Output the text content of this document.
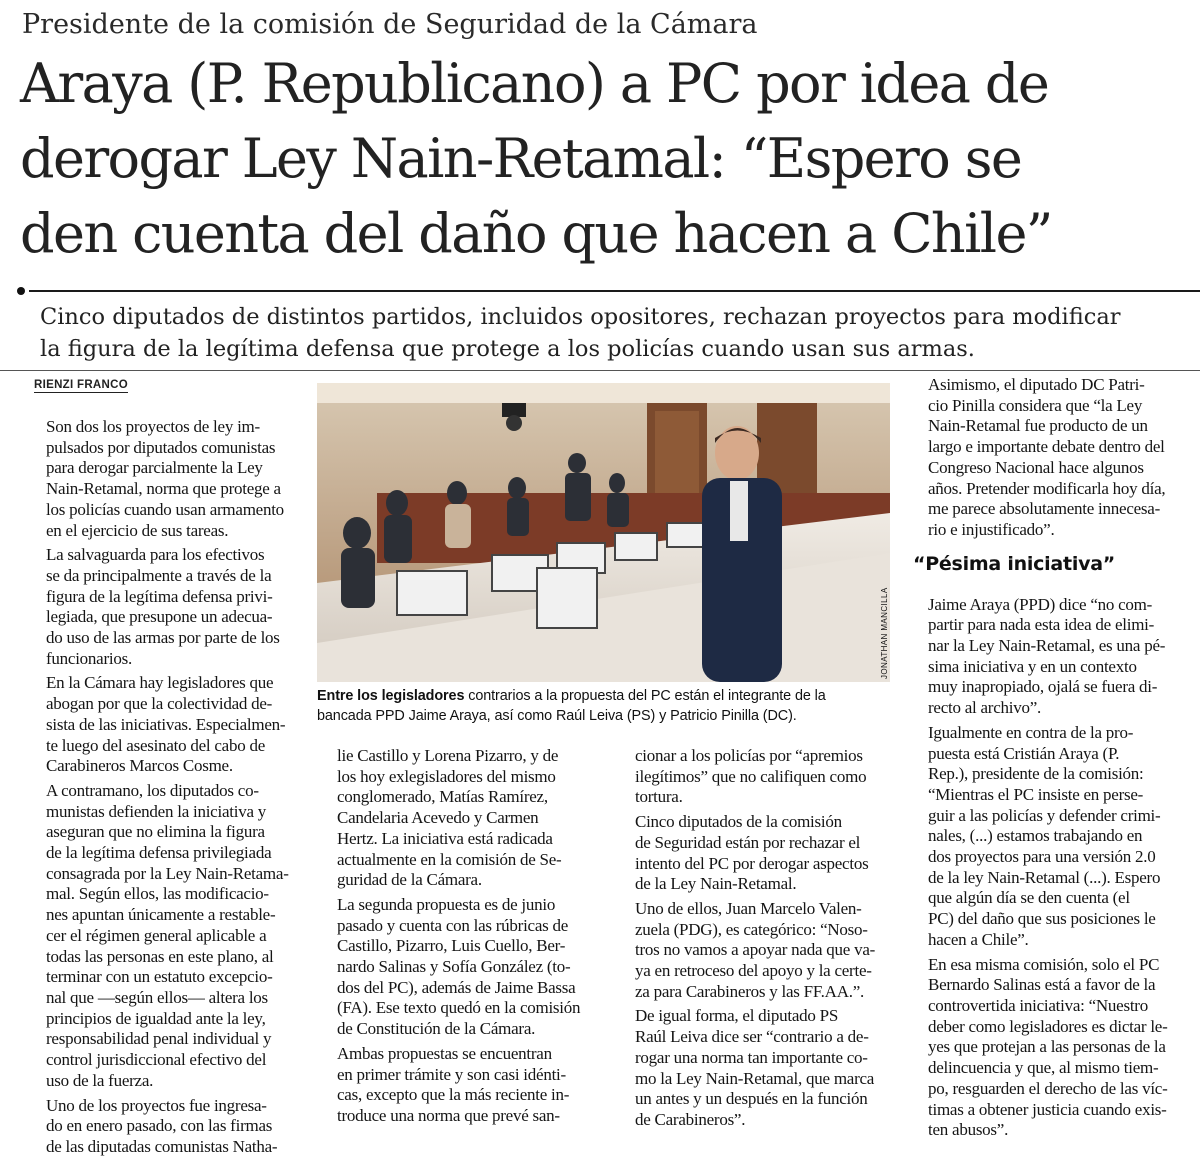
Presidente de la comisión de Seguridad de la Cámara
Araya (P. Republicano) a PC por idea de
derogar Ley Nain-Retamal: “Espero se
den cuenta del daño que hacen a Chile”
Cinco diputados de distintos partidos, incluidos opositores, rechazan proyectos para modificar
la figura de la legítima defensa que protege a los policías cuando usan sus armas.
RIENZI FRANCO

Son dos los proyectos de ley im-
pulsados por diputados comunistas
para derogar parcialmente la Ley
Nain-Retamal, norma que protege a
los policías cuando usan armamento
en el ejercicio de sus tareas.

La salvaguarda para los efectivos
se da principalmente a través de la
figura de la legítima defensa privi-
legiada, que presupone un adecua-
do uso de las armas por parte de los
funcionarios.

En la Cámara hay legisladores que
abogan por que la colectividad de-
sista de las iniciativas. Especialmen-
te luego del asesinato del cabo de
Carabineros Marcos Cosme.

A contramano, los diputados co-
munistas defienden la iniciativa y
aseguran que no elimina la figura
de la legítima defensa privilegiada
consagrada por la Ley Nain-Retama-
mal. Según ellos, las modificacio-
nes apuntan únicamente a restable-
cer el régimen general aplicable a
todas las personas en este plano, al
terminar con un estatuto excepcio-
nal que —según ellos— altera los
principios de igualdad ante la ley,
responsabilidad penal individual y
control jurisdiccional efectivo del
uso de la fuerza.

Uno de los proyectos fue ingresa-
do en enero pasado, con las firmas
de las diputadas comunistas Natha-

JONATHAN MANCILLA
Entre los legisladores contrarios a la propuesta del PC están el integrante de la
bancada PPD Jaime Araya, así como Raúl Leiva (PS) y Patricio Pinilla (DC).

lie Castillo y Lorena Pizarro, y de
los hoy exlegisladores del mismo
conglomerado, Matías Ramírez,
Candelaria Acevedo y Carmen
Hertz. La iniciativa está radicada
actualmente en la comisión de Se-
guridad de la Cámara.

La segunda propuesta es de junio
pasado y cuenta con las rúbricas de
Castillo, Pizarro, Luis Cuello, Ber-
nardo Salinas y Sofía González (to-
dos del PC), además de Jaime Bassa
(FA). Ese texto quedó en la comisión
de Constitución de la Cámara.

Ambas propuestas se encuentran
en primer trámite y son casi idénti-
cas, excepto que la más reciente in-
troduce una norma que prevé san-

cionar a los policías por “apremios
ilegítimos” que no califiquen como
tortura.

Cinco diputados de la comisión
de Seguridad están por rechazar el
intento del PC por derogar aspectos
de la Ley Nain-Retamal.

Uno de ellos, Juan Marcelo Valen-
zuela (PDG), es categórico: “Noso-
tros no vamos a apoyar nada que va-
ya en retroceso del apoyo y la certe-
za para Carabineros y las FF.AA.”.

De igual forma, el diputado PS
Raúl Leiva dice ser “contrario a de-
rogar una norma tan importante co-
mo la Ley Nain-Retamal, que marca
un antes y un después en la función
de Carabineros”.

Asimismo, el diputado DC Patri-
cio Pinilla considera que “la Ley
Nain-Retamal fue producto de un
largo e importante debate dentro del
Congreso Nacional hace algunos
años. Pretender modificarla hoy día,
me parece absolutamente innecesa-
rio e injustificado”.

“Pésima iniciativa”

Jaime Araya (PPD) dice “no com-
partir para nada esta idea de elimi-
nar la Ley Nain-Retamal, es una pé-
sima iniciativa y en un contexto
muy inapropiado, ojalá se fuera di-
recto al archivo”.

Igualmente en contra de la pro-
puesta está Cristián Araya (P.
Rep.), presidente de la comisión:
“Mientras el PC insiste en perse-
guir a las policías y defender crimi-
nales, (...) estamos trabajando en
dos proyectos para una versión 2.0
de la ley Nain-Retamal (...). Espero
que algún día se den cuenta (el
PC) del daño que sus posiciones le
hacen a Chile”.

En esa misma comisión, solo el PC
Bernardo Salinas está a favor de la
controvertida iniciativa: “Nuestro
deber como legisladores es dictar le-
yes que protejan a las personas de la
delincuencia y que, al mismo tiem-
po, resguarden el derecho de las víc-
timas a obtener justicia cuando exis-
ten abusos”.
